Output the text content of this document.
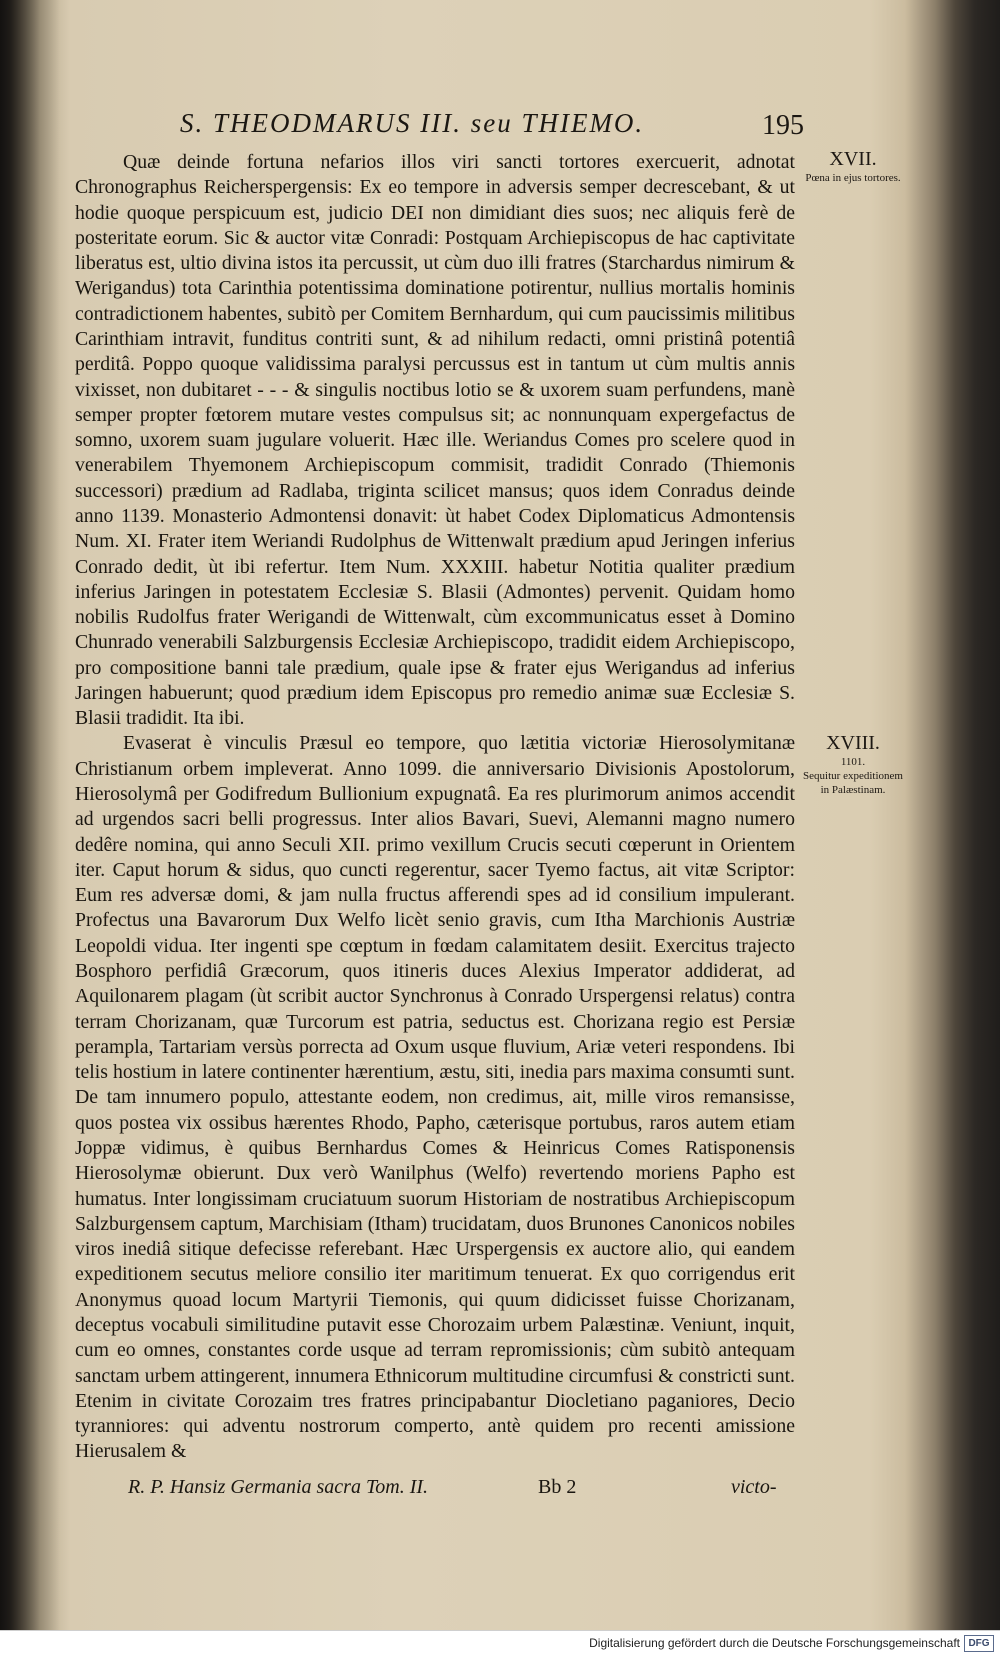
S. THEODMARUS III. seu THIEMO.	195
XVII.
Pœna in ejus tortores.
XVIII.
1101.
Sequitur expeditionem in Palæstinam.

Quæ deinde fortuna nefarios illos viri sancti tortores exercuerit, adnotat Chronographus Reicherspergensis: Ex eo tempore in adversis semper decrescebant, & ut hodie quoque perspicuum est, judicio DEI non dimidiant dies suos; nec aliquis ferè de posteritate eorum. Sic & auctor vitæ Conradi: Postquam Archiepiscopus de hac captivitate liberatus est, ultio divina istos ita percussit, ut cùm duo illi fratres (Starchardus nimirum & Werigandus) tota Carinthia potentissima dominatione potirentur, nullius mortalis hominis contradictionem habentes, subitò per Comitem Bernhardum, qui cum paucissimis militibus Carinthiam intravit, funditus contriti sunt, & ad nihilum redacti, omni pristinâ potentiâ perditâ. Poppo quoque validissima paralysi percussus est in tantum ut cùm multis annis vixisset, non dubitaret - - - & singulis noctibus lotio se & uxorem suam perfundens, manè semper propter fœtorem mutare vestes compulsus sit; ac nonnunquam expergefactus de somno, uxorem suam jugulare voluerit. Hæc ille. Weriandus Comes pro scelere quod in venerabilem Thyemonem Archiepiscopum commisit, tradidit Conrado (Thiemonis successori) prædium ad Radlaba, triginta scilicet mansus; quos idem Conradus deinde anno 1139. Monasterio Admontensi donavit: ùt habet Codex Diplomaticus Admontensis Num. XI. Frater item Weriandi Rudolphus de Wittenwalt prædium apud Jeringen inferius Conrado dedit, ùt ibi refertur. Item Num. XXXIII. habetur Notitia qualiter prædium inferius Jaringen in potestatem Ecclesiæ S. Blasii (Admontes) pervenit. Quidam homo nobilis Rudolfus frater Werigandi de Wittenwalt, cùm excommunicatus esset à Domino Chunrado venerabili Salzburgensis Ecclesiæ Archiepiscopo, tradidit eidem Archiepiscopo, pro compositione banni tale prædium, quale ipse & frater ejus Werigandus ad inferius Jaringen habuerunt; quod prædium idem Episcopus pro remedio animæ suæ Ecclesiæ S. Blasii tradidit. Ita ibi.

Evaserat è vinculis Præsul eo tempore, quo lætitia victoriæ Hierosolymitanæ Christianum orbem impleverat. Anno 1099. die anniversario Divisionis Apostolorum, Hierosolymâ per Godifredum Bullionium expugnatâ. Ea res plurimorum animos accendit ad urgendos sacri belli progressus. Inter alios Bavari, Suevi, Alemanni magno numero dedêre nomina, qui anno Seculi XII. primo vexillum Crucis secuti cœperunt in Orientem iter. Caput horum & sidus, quo cuncti regerentur, sacer Tyemo factus, ait vitæ Scriptor: Eum res adversæ domi, & jam nulla fructus afferendi spes ad id consilium impulerant. Profectus una Bavarorum Dux Welfo licèt senio gravis, cum Itha Marchionis Austriæ Leopoldi vidua. Iter ingenti spe cœptum in fœdam calamitatem desiit. Exercitus trajecto Bosphoro perfidiâ Græcorum, quos itineris duces Alexius Imperator addiderat, ad Aquilonarem plagam (ùt scribit auctor Synchronus à Conrado Urspergensi relatus) contra terram Chorizanam, quæ Turcorum est patria, seductus est. Chorizana regio est Persiæ perampla, Tartariam versùs porrecta ad Oxum usque fluvium, Ariæ veteri respondens. Ibi telis hostium in latere continenter hærentium, æstu, siti, inedia pars maxima consumti sunt. De tam innumero populo, attestante eodem, non credimus, ait, mille viros remansisse, quos postea vix ossibus hærentes Rhodo, Papho, cæterisque portubus, raros autem etiam Joppæ vidimus, è quibus Bernhardus Comes & Heinricus Comes Ratisponensis Hierosolymæ obierunt. Dux verò Wanilphus (Welfo) revertendo moriens Papho est humatus. Inter longissimam cruciatuum suorum Historiam de nostratibus Archiepiscopum Salzburgensem captum, Marchisiam (Itham) trucidatam, duos Brunones Canonicos nobiles viros inediâ sitique defecisse referebant. Hæc Urspergensis ex auctore alio, qui eandem expeditionem secutus meliore consilio iter maritimum tenuerat. Ex quo corrigendus erit Anonymus quoad locum Martyrii Tiemonis, qui quum didicisset fuisse Chorizanam, deceptus vocabuli similitudine putavit esse Chorozaim urbem Palæstinæ. Veniunt, inquit, cum eo omnes, constantes corde usque ad terram repromissionis; cùm subitò antequam sanctam urbem attingerent, innumera Ethnicorum multitudine circumfusi & constricti sunt. Etenim in civitate Corozaim tres fratres principabantur Diocletiano paganiores, Decio tyranniores: qui adventu nostrorum comperto, antè quidem pro recenti amissione Hierusalem &

R. P. Hansiz Germania sacra Tom. II.	Bb 2	victo-
Digitalisierung gefördert durch die Deutsche Forschungsgemeinschaft DFG
